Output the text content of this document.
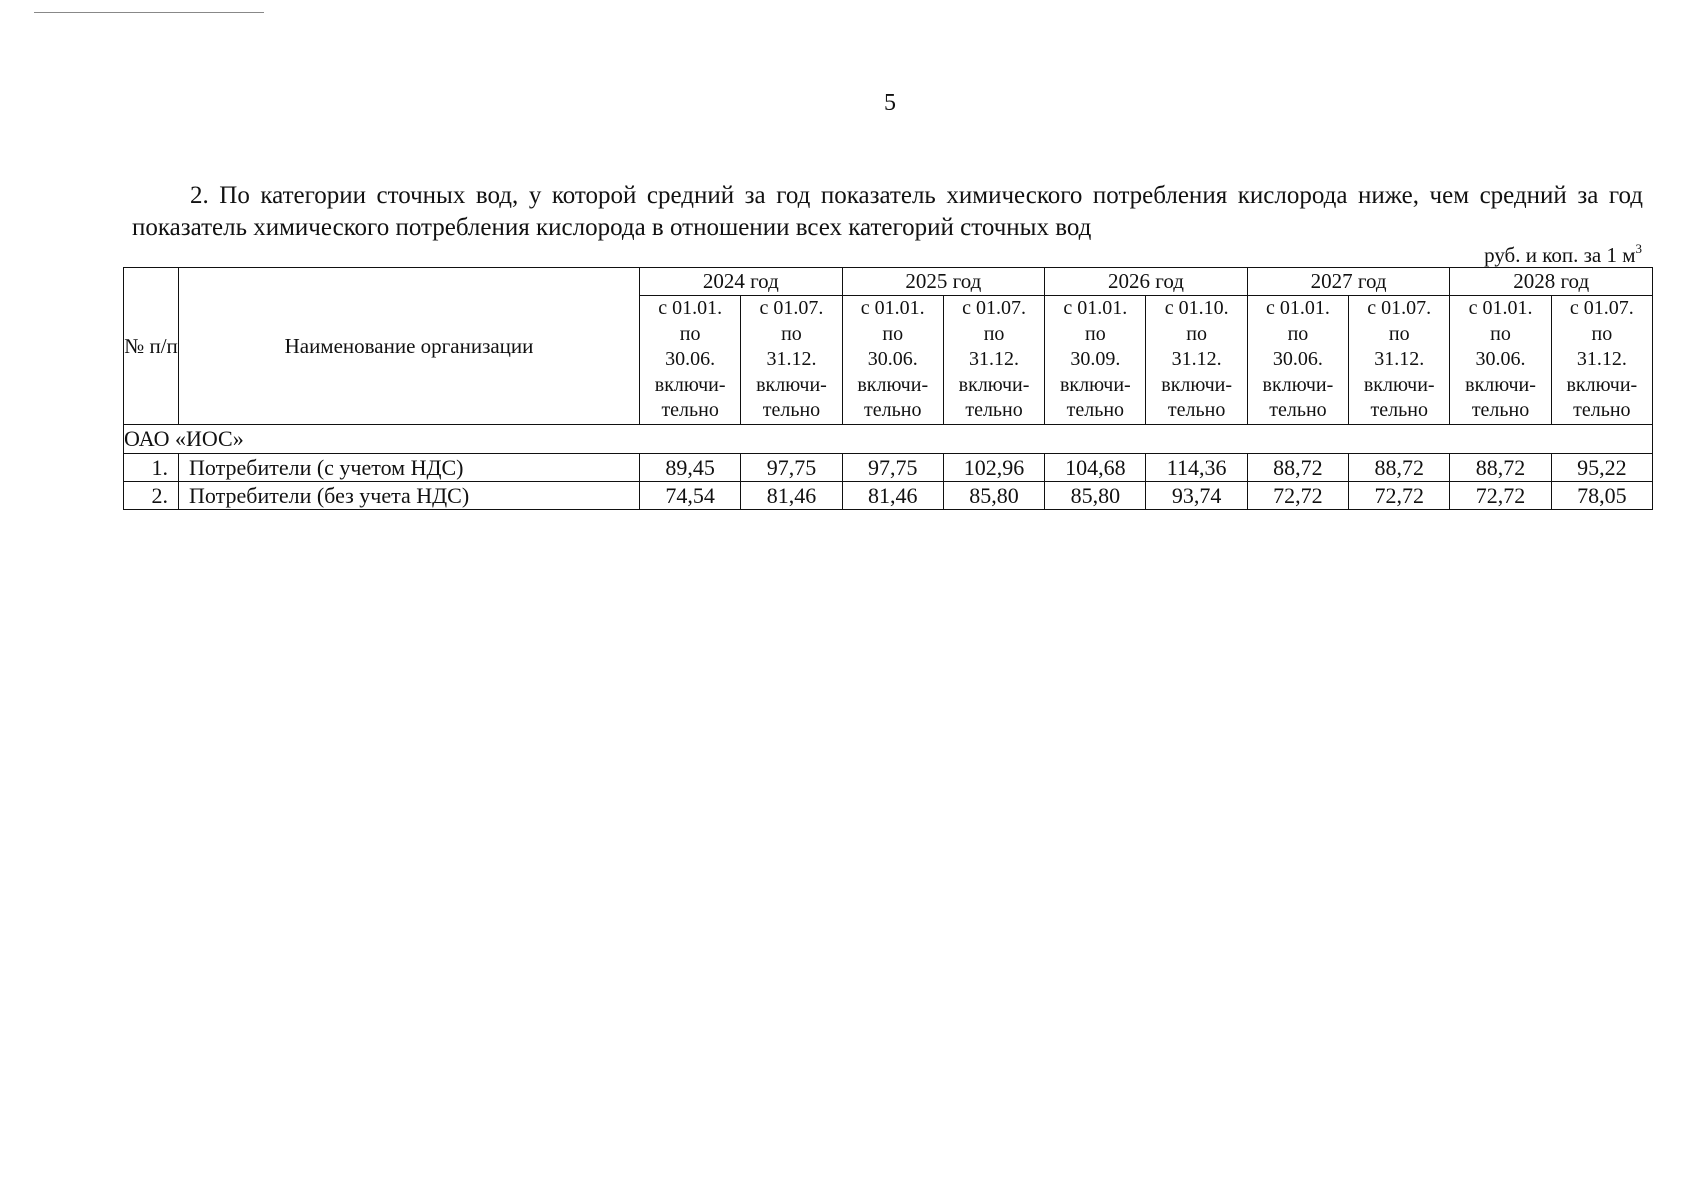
5

2. По категории сточных вод, у которой средний за год показатель химического потребления кислорода ниже, чем средний за год показатель химического потребления кислорода в отношении всех категорий сточных вод

руб. и коп. за 1 $м^3$
№ п/п	Наименование организации	2024 год		2025 год		2026 год		2027 год		2028 год	

		с 01.01.
по
30.06.
включи-
тельно	с 01.07.
по
31.12.
включи-
тельно	с 01.01.
по
30.06.
включи-
тельно	с 01.07.
по
31.12.
включи-
тельно	с 01.01.
по
30.09.
включи-
тельно	с 01.10.
по
31.12.
включи-
тельно	с 01.01.
по
30.06.
включи-
тельно	с 01.07.
по
31.12.
включи-
тельно	с 01.01.
по
30.06.
включи-
тельно	с 01.07.
по
31.12.
включи-
тельно

ОАО «ИОС»											
1.	Потребители (с учетом НДС)	89,45	97,75	97,75	102,96	104,68	114,36	88,72	88,72	88,72	95,22
2.	Потребители (без учета НДС)	74,54	81,46	81,46	85,80	85,80	93,74	72,72	72,72	72,72	78,05
